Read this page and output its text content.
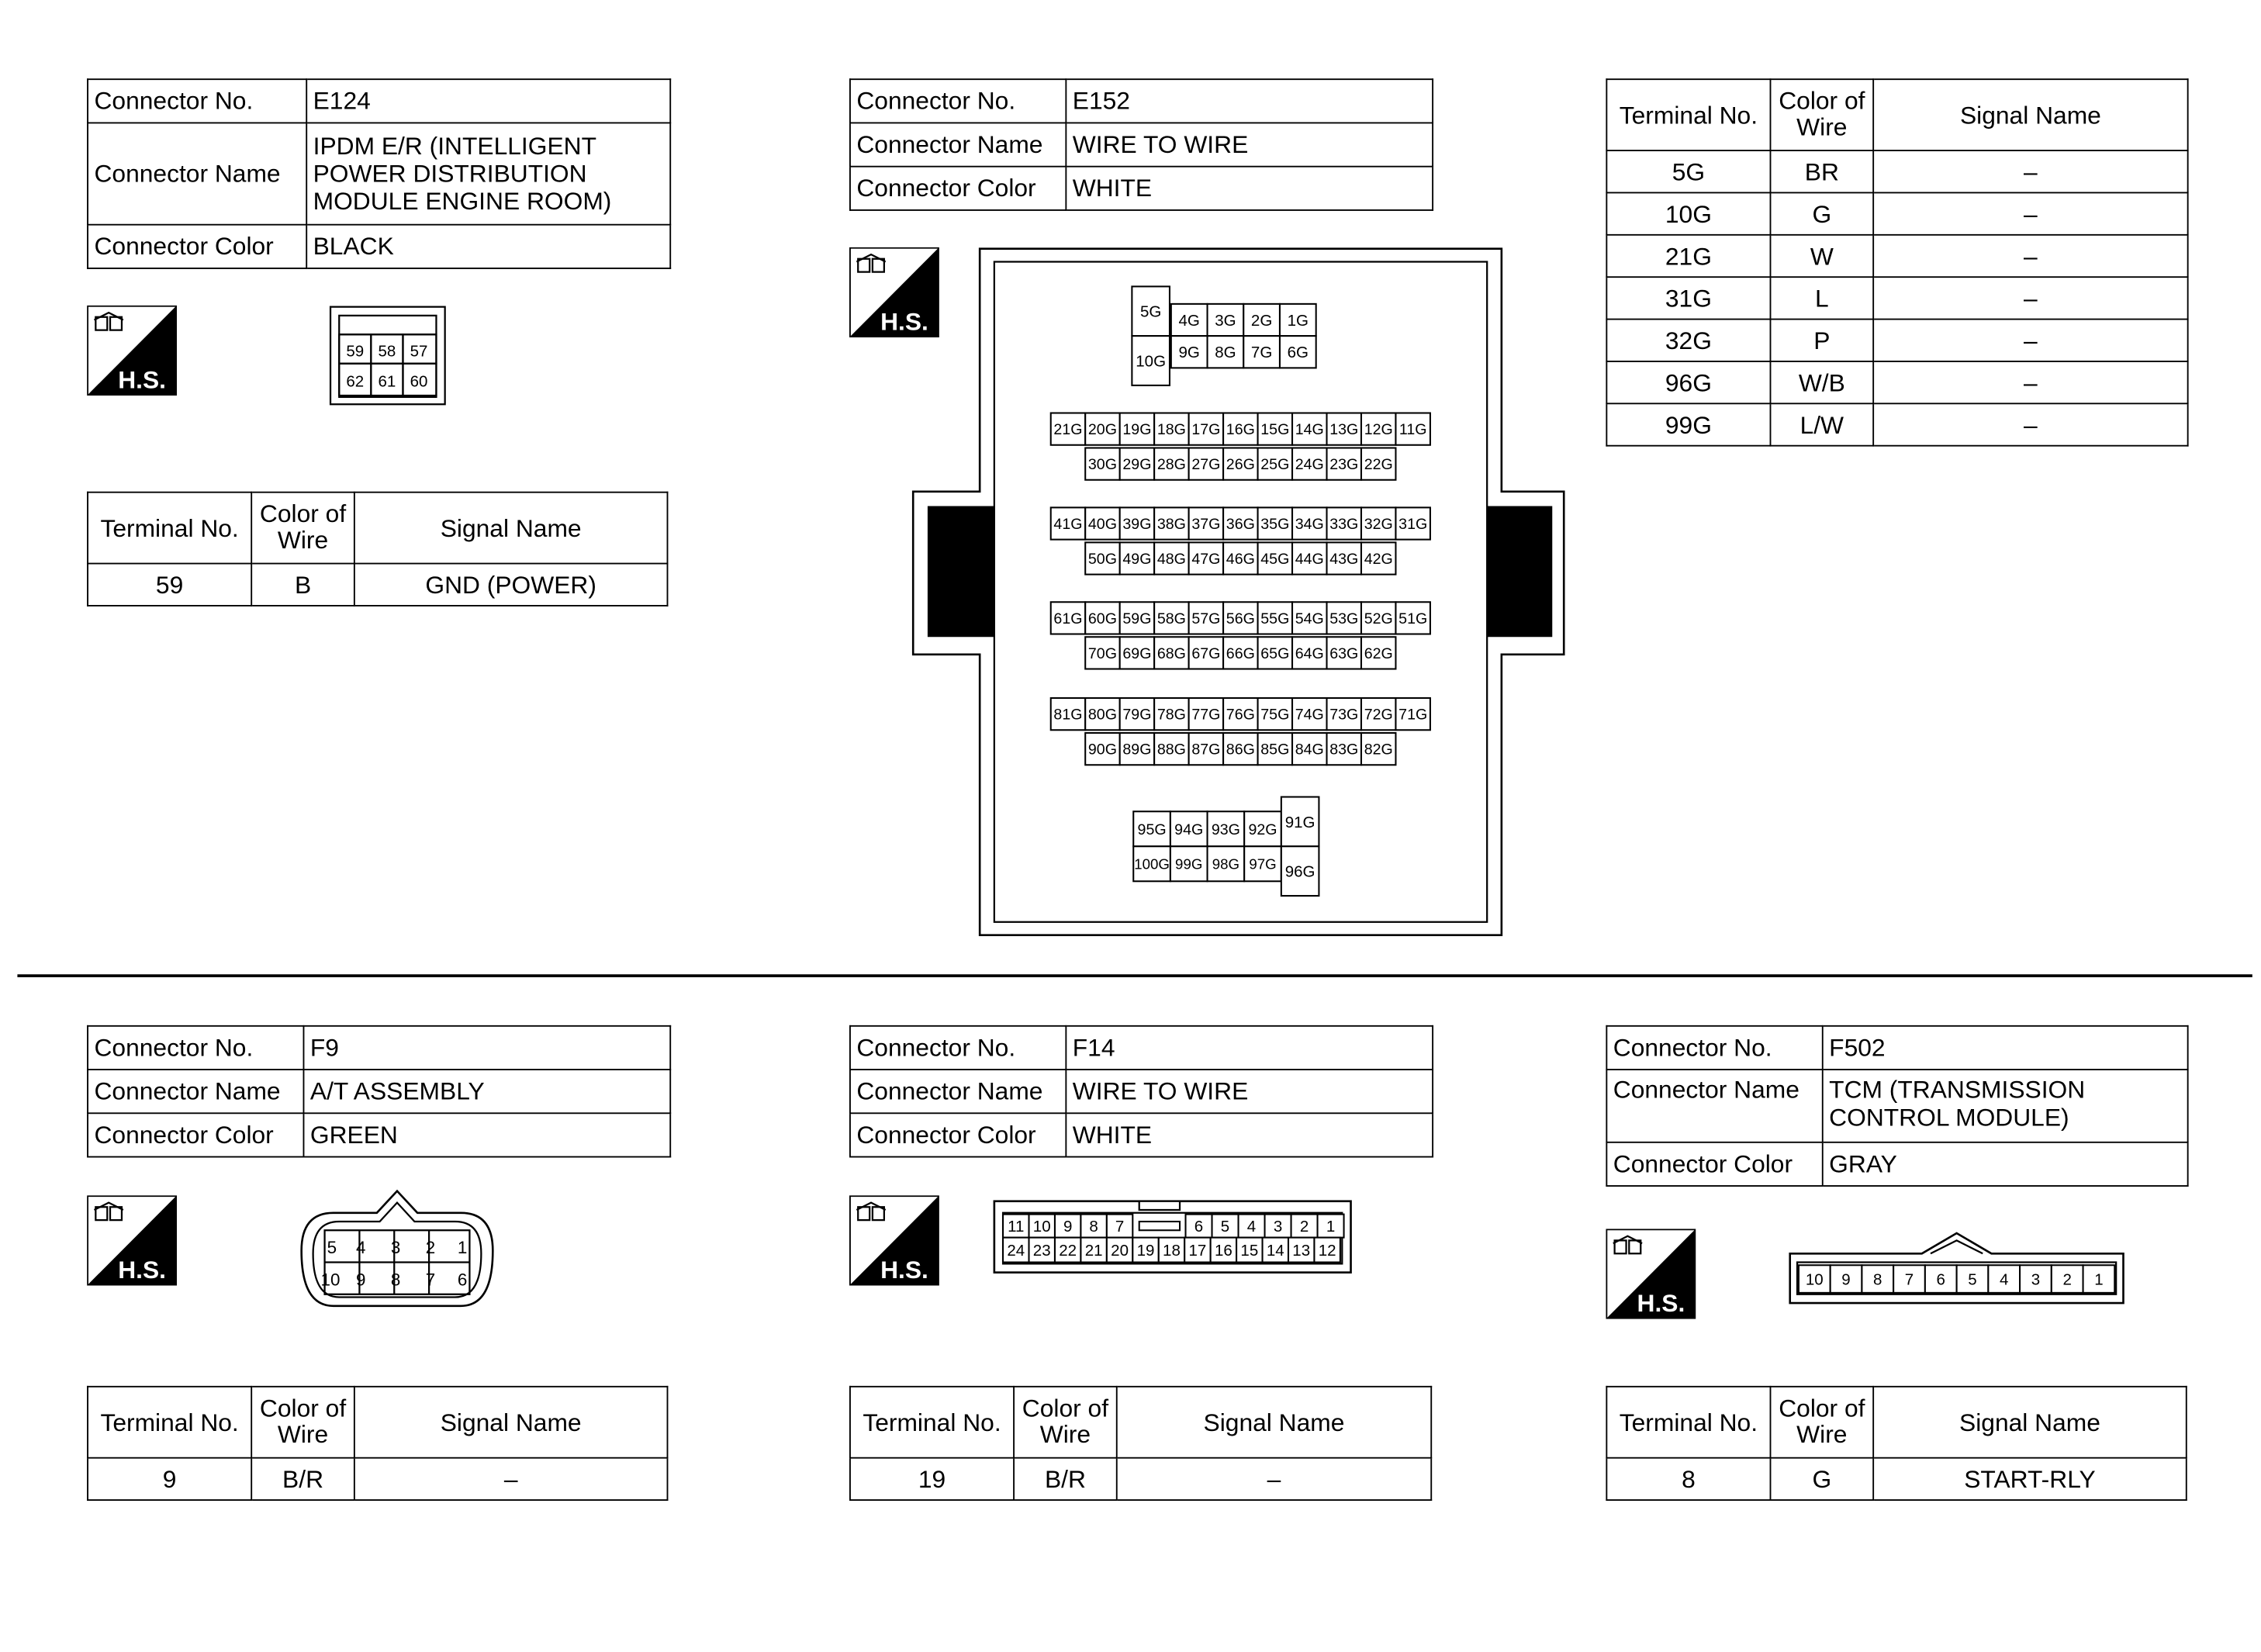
Connector No.	E124
Connector Name	IPDM E/R (INTELLIGENT POWER DISTRIBUTION MODULE ENGINE ROOM)
Connector Color	BLACK
H.S.
59 58 57
62 61 60
Terminal No.	Color of Wire	Signal Name
59	B	GND (POWER)
Connector No.	E152
Connector Name	WIRE TO WIRE
Connector Color	WHITE
H.S.	5G
10G
4G 3G 2G 1G
9G 8G 7G 6G
21G 20G 19G 18G 17G 16G 15G 14G 13G 12G 11G
30G 29G 28G 27G 26G 25G 24G 23G 22G
41G 40G 39G 38G 37G 36G 35G 34G 33G 32G 31G
50G 49G 48G 47G 46G 45G 44G 43G 42G
61G 60G 59G 58G 57G 56G 55G 54G 53G 52G 51G
70G 69G 68G 67G 66G 65G 64G 63G 62G
81G 80G 79G 78G 77G 76G 75G 74G 73G 72G 71G
90G 89G 88G 87G 86G 85G 84G 83G 82G
95G 94G 93G 92G
100G 99G 98G 97G
91G
96G
Terminal No.	Color of Wire	Signal Name
5G	BR	–
10G	G	–
21G	W	–
31G	L	–
32G	P	–
96G	W/B	–
99G	L/W	–
Connector No.	F9
Connector Name	A/T ASSEMBLY
Connector Color	GREEN
H.S.
5 4	3	2 1
10 9	8	7 6
Terminal No.	Color of Wire	Signal Name
9	B/R	–
Connector No.	F14
Connector Name	WIRE TO WIRE
Connector Color	WHITE
H.S.
11 10 9 8 7	6 5 4 3 2 1
24 23 22 21 20 19 18 17 16 15 14 13 12
Terminal No.	Color of Wire	Signal Name
19	B/R	–
Connector No.	F502
Connector Name	TCM (TRANSMISSION CONTROL MODULE)
Connector Color	GRAY
H.S.
10 9	8	7	6	5	4	3	2	1
Terminal No.	Color of Wire	Signal Name
8	G	START-RLY
